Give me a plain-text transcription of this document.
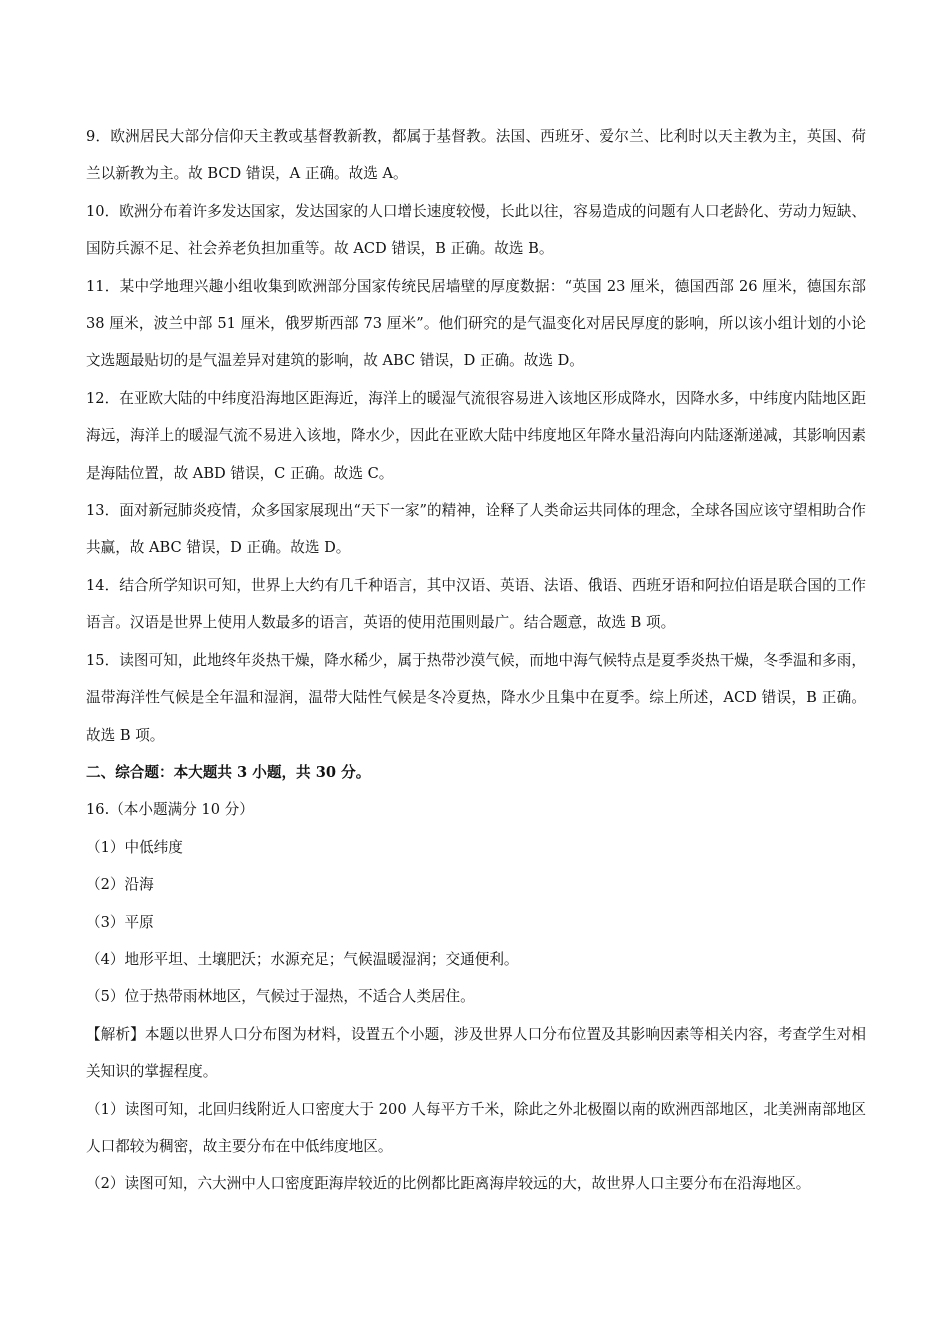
9．欧洲居民大部分信仰天主教或基督教新教，都属于基督教。法国、西班牙、爱尔兰、比利时以天主教为主，英国、荷兰以新教为主。故 BCD 错误，A 正确。故选 A。

10．欧洲分布着许多发达国家，发达国家的人口增长速度较慢，长此以往，容易造成的问题有人口老龄化、劳动力短缺、国防兵源不足、社会养老负担加重等。故 ACD 错误，B 正确。故选 B。

11．某中学地理兴趣小组收集到欧洲部分国家传统民居墙壁的厚度数据：“英国 23 厘米，德国西部 26 厘米，德国东部 38 厘米，波兰中部 51 厘米，俄罗斯西部 73 厘米”。他们研究的是气温变化对居民厚度的影响，所以该小组计划的小论文选题最贴切的是气温差异对建筑的影响，故 ABC 错误，D 正确。故选 D。

12．在亚欧大陆的中纬度沿海地区距海近，海洋上的暖湿气流很容易进入该地区形成降水，因降水多，中纬度内陆地区距海远，海洋上的暖湿气流不易进入该地，降水少，因此在亚欧大陆中纬度地区年降水量沿海向内陆逐渐递减，其影响因素是海陆位置，故 ABD 错误，C 正确。故选 C。

13．面对新冠肺炎疫情，众多国家展现出“天下一家”的精神，诠释了人类命运共同体的理念，全球各国应该守望相助合作共赢，故 ABC 错误，D 正确。故选 D。

14．结合所学知识可知，世界上大约有几千种语言，其中汉语、英语、法语、俄语、西班牙语和阿拉伯语是联合国的工作语言。汉语是世界上使用人数最多的语言，英语的使用范围则最广。结合题意，故选 B 项。

15．读图可知，此地终年炎热干燥，降水稀少，属于热带沙漠气候，而地中海气候特点是夏季炎热干燥，冬季温和多雨，温带海洋性气候是全年温和湿润，温带大陆性气候是冬冷夏热，降水少且集中在夏季。综上所述，ACD 错误，B 正确。故选 B 项。

二、综合题：本大题共 3 小题，共 30 分。

16.（本小题满分 10 分）

（1）中低纬度

（2）沿海

（3）平原

（4）地形平坦、土壤肥沃；水源充足；气候温暖湿润；交通便利。

（5）位于热带雨林地区，气候过于湿热，不适合人类居住。

【解析】本题以世界人口分布图为材料，设置五个小题，涉及世界人口分布位置及其影响因素等相关内容，考查学生对相关知识的掌握程度。

（1）读图可知，北回归线附近人口密度大于 200 人每平方千米，除此之外北极圈以南的欧洲西部地区，北美洲南部地区人口都较为稠密，故主要分布在中低纬度地区。

（2）读图可知，六大洲中人口密度距海岸较近的比例都比距离海岸较远的大，故世界人口主要分布在沿海地区。
